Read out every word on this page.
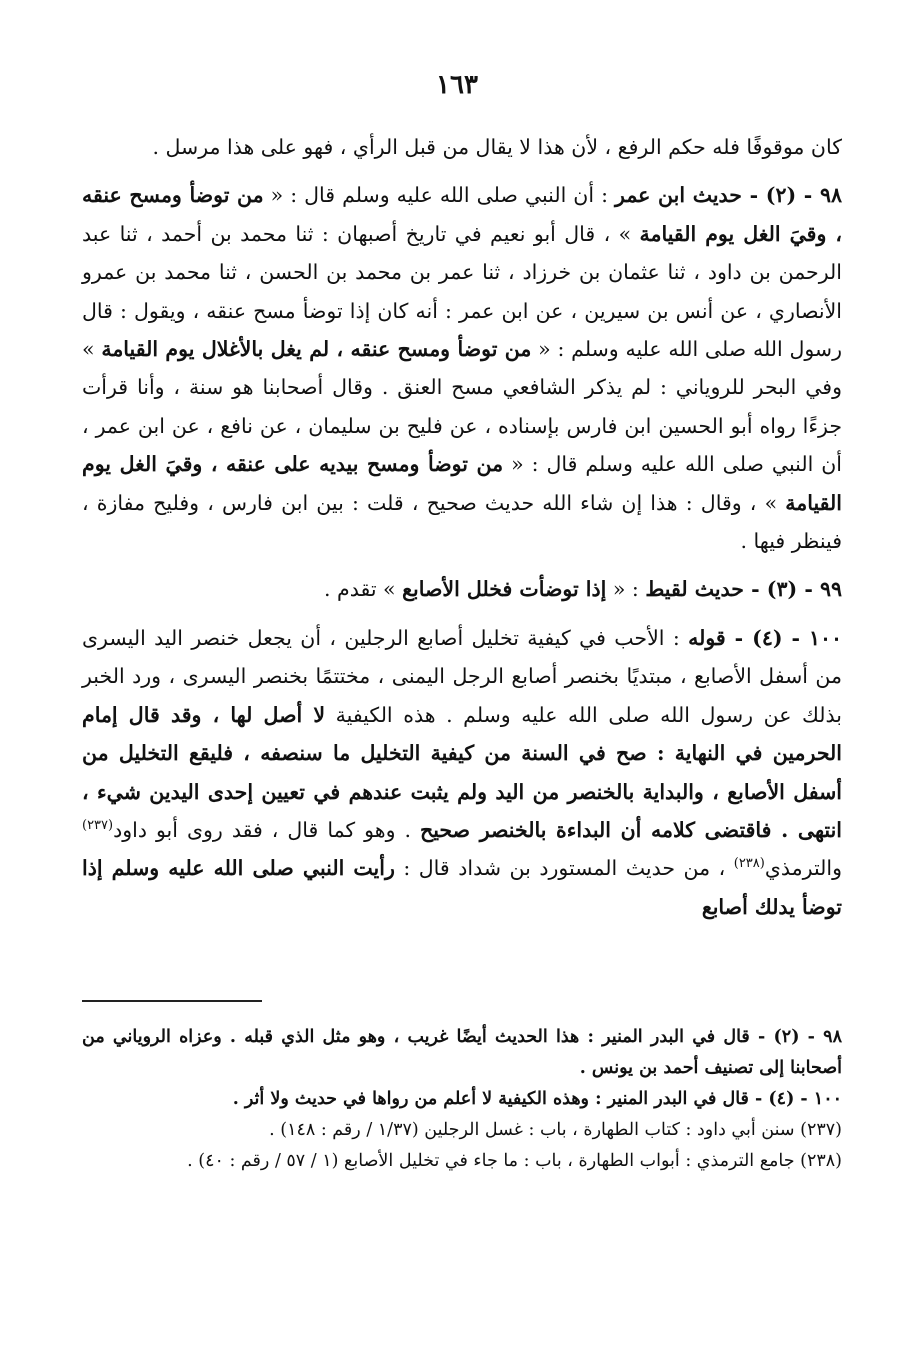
١٦٣

كان موقوفًا فله حكم الرفع ، لأن هذا لا يقال من قبل الرأي ، فهو على هذا مرسل .

٩٨ - (٢) - حديث ابن عمر : أن النبي صلى الله عليه وسلم قال : « من توضأ ومسح عنقه ، وقيَ الغل يوم القيامة » ، قال أبو نعيم في تاريخ أصبهان : ثنا محمد بن أحمد ، ثنا عبد الرحمن بن داود ، ثنا عثمان بن خرزاد ، ثنا عمر بن محمد بن الحسن ، ثنا محمد بن عمرو الأنصاري ، عن أنس بن سيرين ، عن ابن عمر : أنه كان إذا توضأ مسح عنقه ، ويقول : قال رسول الله صلى الله عليه وسلم : « من توضأ ومسح عنقه ، لم يغل بالأغلال يوم القيامة » وفي البحر للروياني : لم يذكر الشافعي مسح العنق . وقال أصحابنا هو سنة ، وأنا قرأت جزءًا رواه أبو الحسين ابن فارس بإسناده ، عن فليح بن سليمان ، عن نافع ، عن ابن عمر ، أن النبي صلى الله عليه وسلم قال : « من توضأ ومسح بيديه على عنقه ، وقيَ الغل يوم القيامة » ، وقال : هذا إن شاء الله حديث صحيح ، قلت : بين ابن فارس ، وفليح مفازة ، فينظر فيها .

٩٩ - (٣) - حديث لقيط : « إذا توضأت فخلل الأصابع » تقدم .

١٠٠ - (٤) - قوله : الأحب في كيفية تخليل أصابع الرجلين ، أن يجعل خنصر اليد اليسرى من أسفل الأصابع ، مبتديًا بخنصر أصابع الرجل اليمنى ، مختتمًا بخنصر اليسرى ، ورد الخبر بذلك عن رسول الله صلى الله عليه وسلم . هذه الكيفية لا أصل لها ، وقد قال إمام الحرمين في النهاية : صح في السنة من كيفية التخليل ما سنصفه ، فليقع التخليل من أسفل الأصابع ، والبداية بالخنصر من اليد ولم يثبت عندهم في تعيين إحدى اليدين شيء ، انتهى . فاقتضى كلامه أن البداءة بالخنصر صحيح . وهو كما قال ، فقد روى أبو داود$^{(٢٣٧)}$ والترمذي$^{(٢٣٨)}$ ، من حديث المستورد بن شداد قال : رأيت النبي صلى الله عليه وسلم إذا توضأ يدلك أصابع

٩٨ - (٢) - قال في البدر المنير : هذا الحديث أيضًا غريب ، وهو مثل الذي قبله . وعزاه الروياني من أصحابنا إلى تصنيف أحمد بن يونس .

١٠٠ - (٤) - قال في البدر المنير : وهذه الكيفية لا أعلم من رواها في حديث ولا أثر .

(٢٣٧) سنن أبي داود : كتاب الطهارة ، باب : غسل الرجلين (١/٣٧ / رقم : ١٤٨) .

(٢٣٨) جامع الترمذي : أبواب الطهارة ، باب : ما جاء في تخليل الأصابع (١ / ٥٧ / رقم : ٤٠) .
